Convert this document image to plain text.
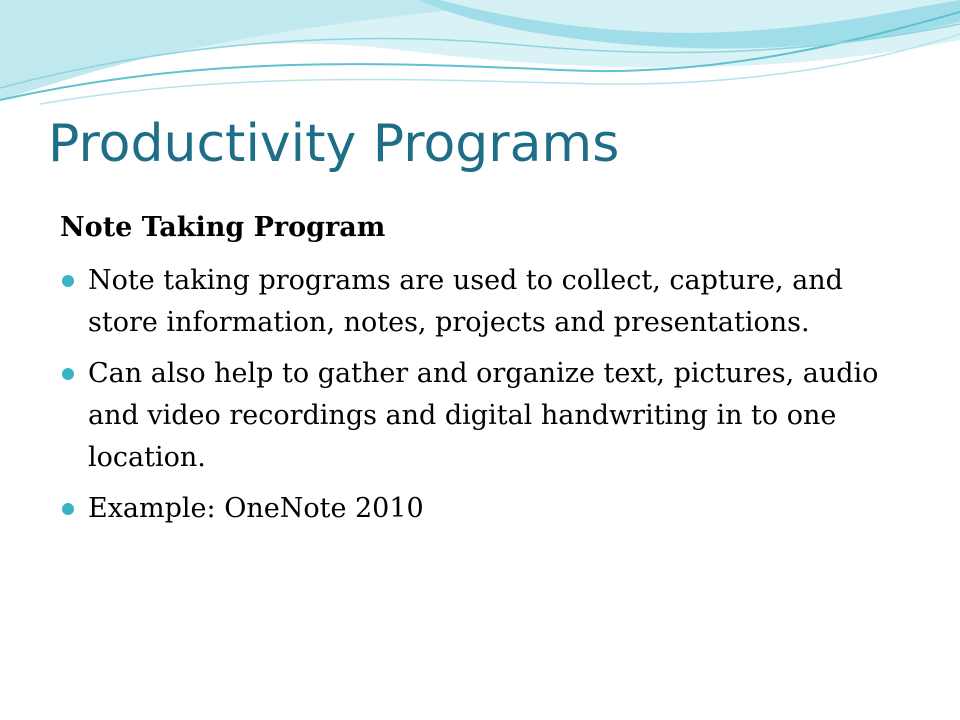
Productivity Programs
Note Taking Program
Note taking programs are used to collect, capture, and store information, notes, projects and presentations.
Can also help to gather and organize text, pictures, audio and video recordings and digital handwriting in to one location.
Example: OneNote 2010
